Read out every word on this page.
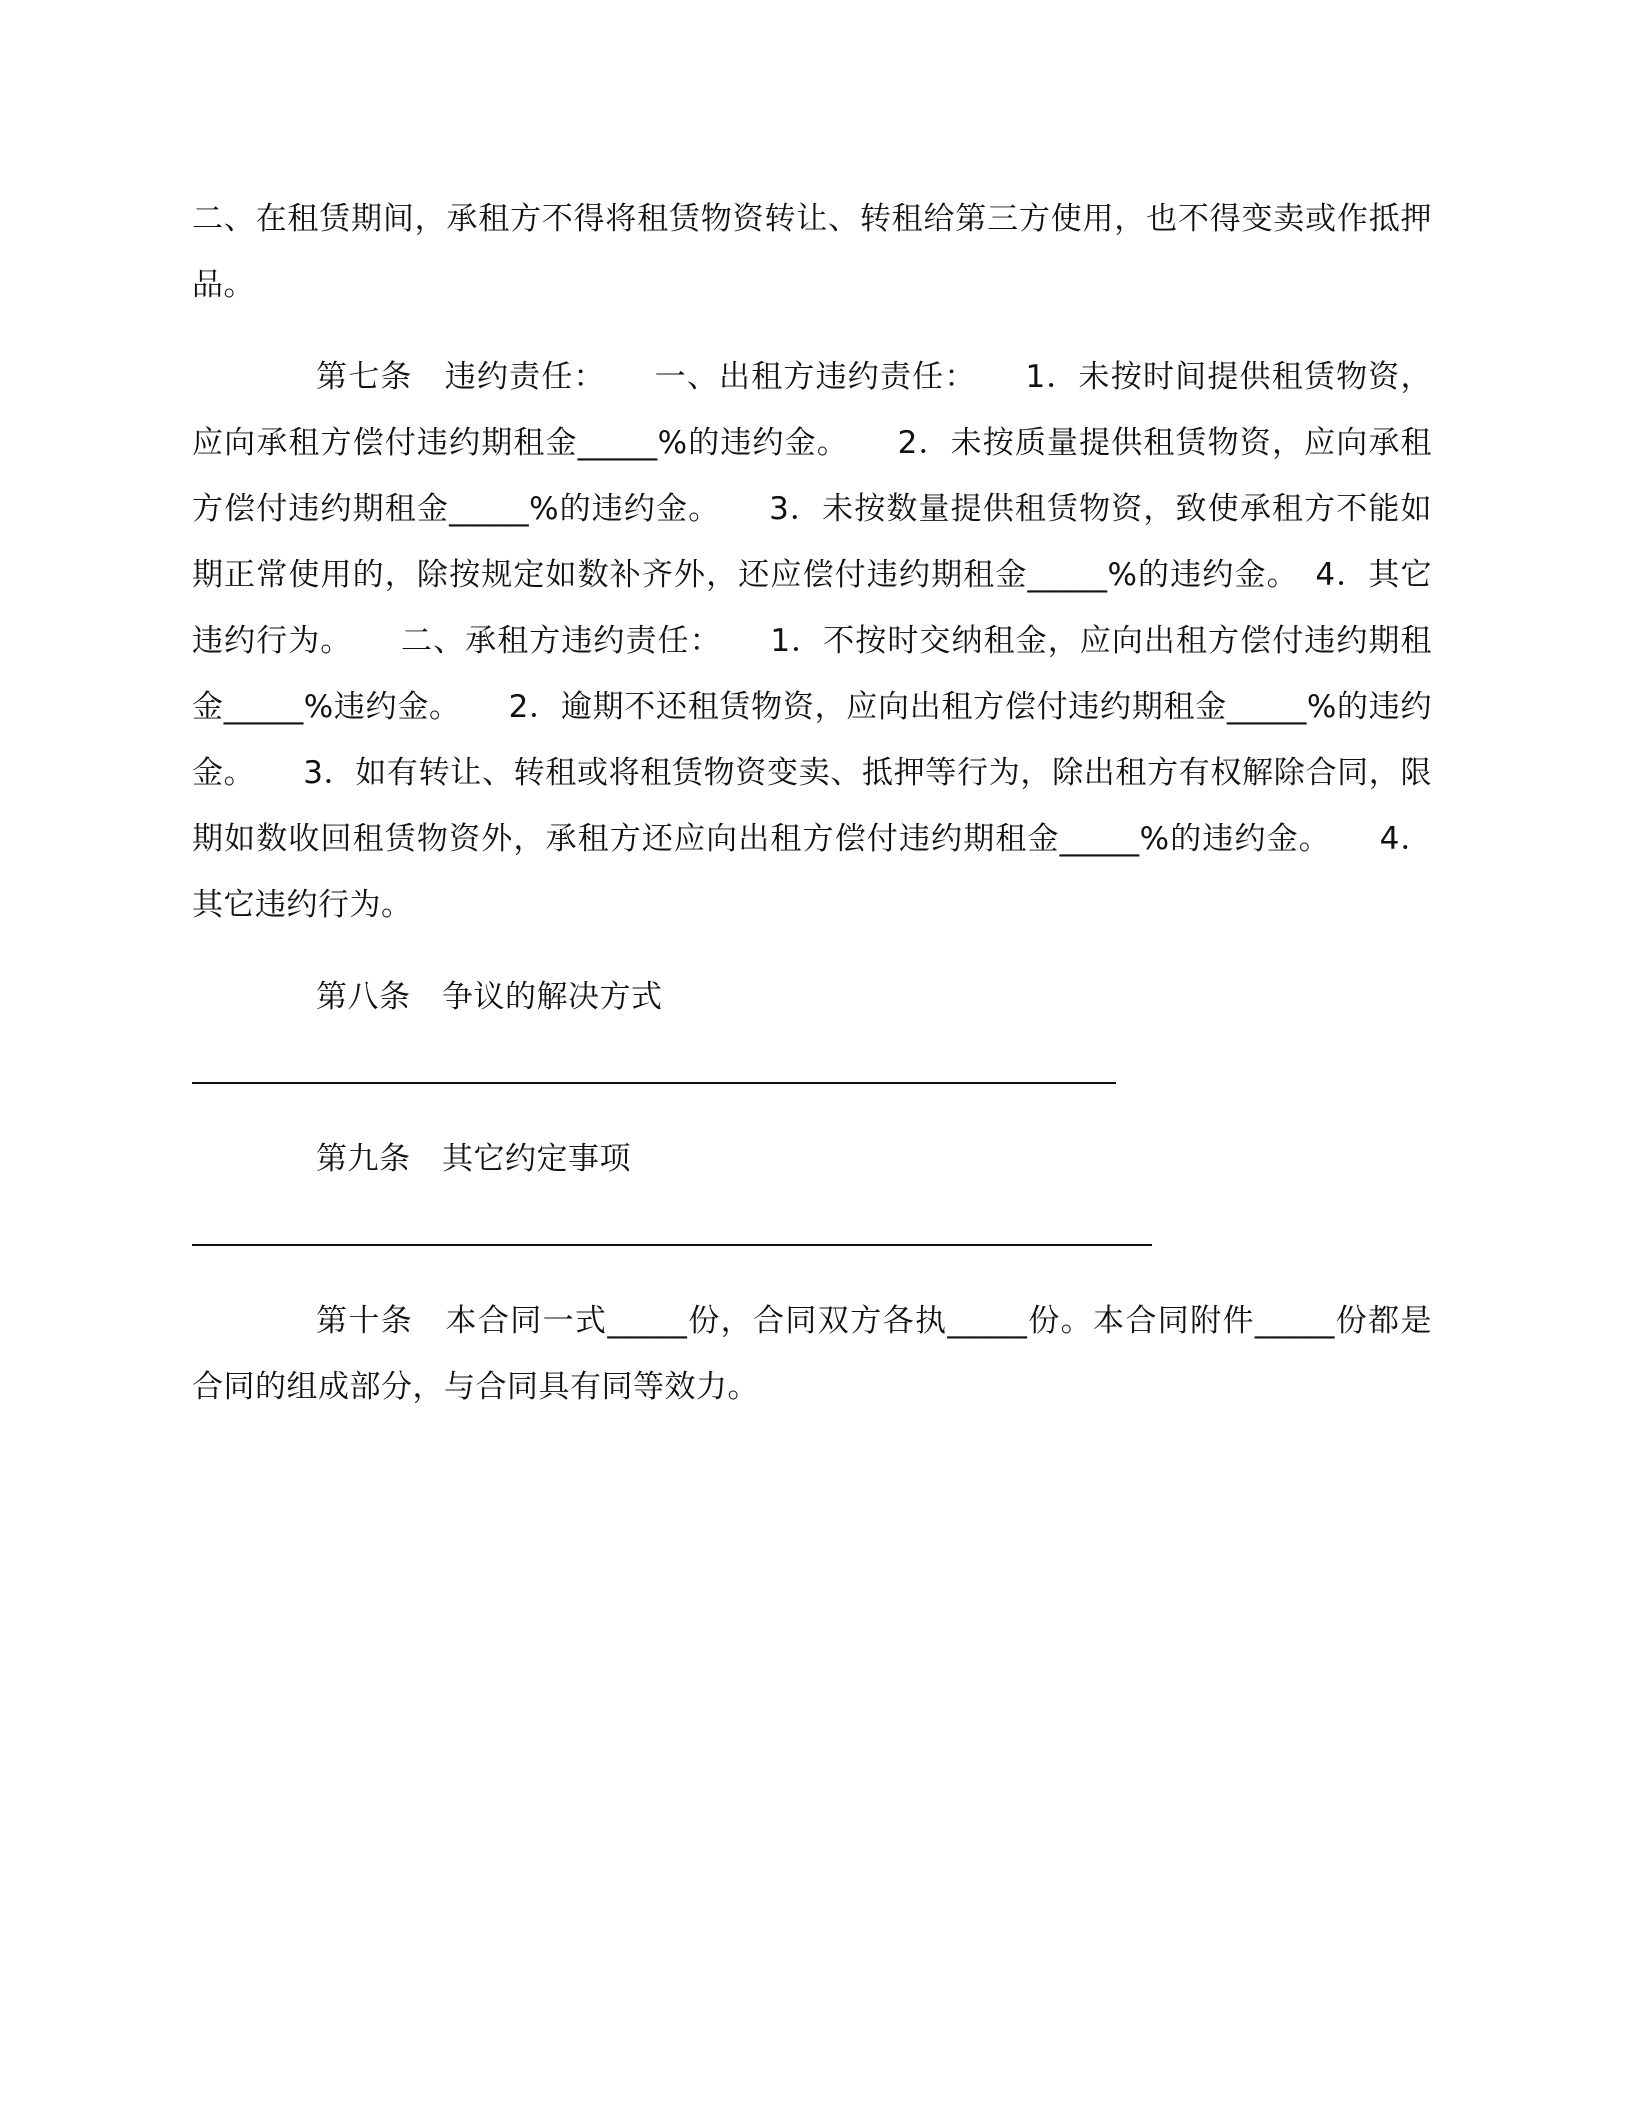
二、在租赁期间，承租方不得将租赁物资转让、转租给第三方使用，也不得变卖或作抵押品。

第七条　违约责任：　　一、出租方违约责任：　　1．未按时间提供租赁物资，应向承租方偿付违约期租金_____%的违约金。　　2．未按质量提供租赁物资，应向承租方偿付违约期租金_____%的违约金。　　3．未按数量提供租赁物资，致使承租方不能如期正常使用的，除按规定如数补齐外，还应偿付违约期租金_____%的违约金。　4．其它违约行为。　　二、承租方违约责任：　　1．不按时交纳租金，应向出租方偿付违约期租金_____%违约金。　　2．逾期不还租赁物资，应向出租方偿付违约期租金_____%的违约金。　　3．如有转让、转租或将租赁物资变卖、抵押等行为，除出租方有权解除合同，限期如数收回租赁物资外，承租方还应向出租方偿付违约期租金_____%的违约金。　　4．其它违约行为。

第八条　争议的解决方式

第九条　其它约定事项

第十条　本合同一式_____份，合同双方各执_____份。本合同附件_____份都是合同的组成部分，与合同具有同等效力。
